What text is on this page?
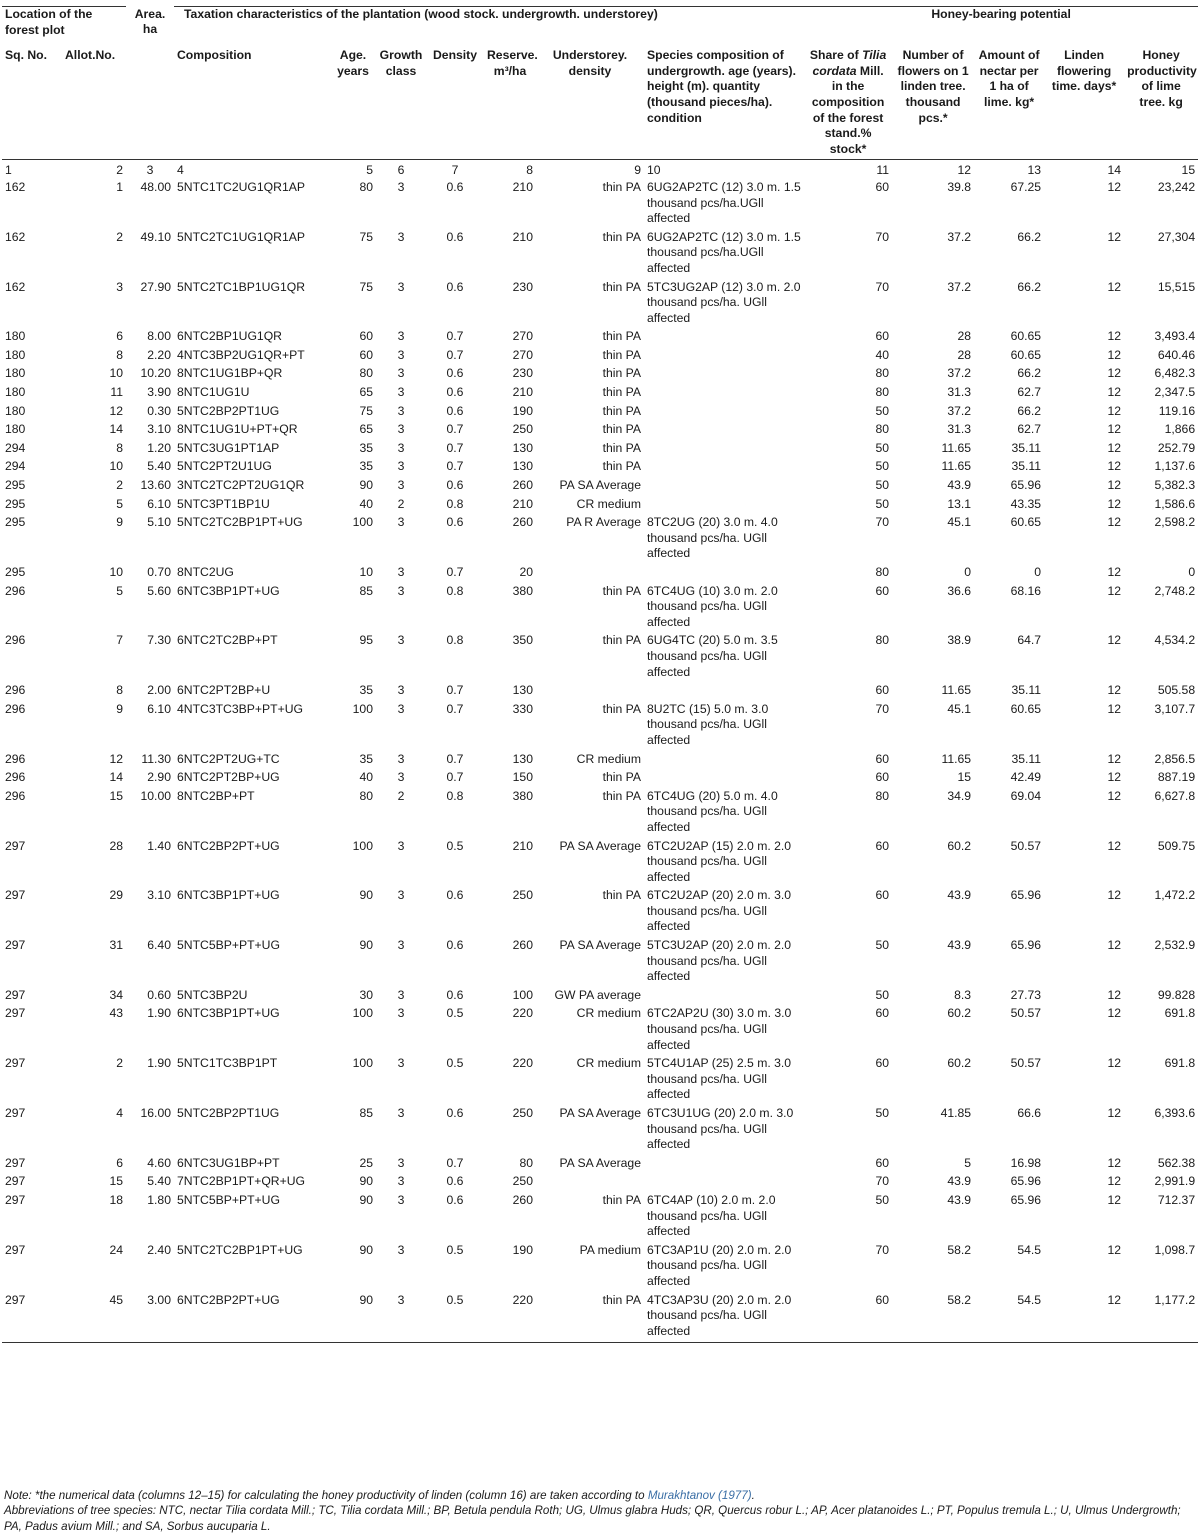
Location of the forest plot		Area. ha	Taxation characteristics of the plantation (wood stock. undergrowth. understorey)							Honey-bearing potential				
Sq. No.	Allot.No.		Composition	Age. years	Growth class	Density	Reserve. m³/ha	Understorey. density	Species composition of undergrowth. age (years). height (m). quantity (thousand pieces/ha). condition	Share of Tilia cordata Mill. in the composition of the forest stand.% stock*	Number of flowers on 1 linden tree. thousand pcs.*	Amount of nectar per 1 ha of lime. kg*	Linden flowering time. days*	Honey productivity of lime tree. kg
1	2	3	4	5	6	7	8	9	10	11	12	13	14	15
162	1	48.00	5NTC1TC2UG1QR1AP	80	3	0.6	210	thin PA	6UG2AP2TC (12) 3.0 m. 1.5 thousand pcs/ha.UGll affected	60	39.8	67.25	12	23,242
162	2	49.10	5NTC2TC1UG1QR1AP	75	3	0.6	210	thin PA	6UG2AP2TC (12) 3.0 m. 1.5 thousand pcs/ha.UGll affected	70	37.2	66.2	12	27,304
162	3	27.90	5NTC2TC1BP1UG1QR	75	3	0.6	230	thin PA	5TC3UG2AP (12) 3.0 m. 2.0 thousand pcs/ha. UGll affected	70	37.2	66.2	12	15,515
180	6	8.00	6NTC2BP1UG1QR	60	3	0.7	270	thin PA		60	28	60.65	12	3,493.4
180	8	2.20	4NTC3BP2UG1QR+PT	60	3	0.7	270	thin PA		40	28	60.65	12	640.46
180	10	10.20	8NTC1UG1BP+QR	80	3	0.6	230	thin PA		80	37.2	66.2	12	6,482.3
180	11	3.90	8NTC1UG1U	65	3	0.6	210	thin PA		80	31.3	62.7	12	2,347.5
180	12	0.30	5NTC2BP2PT1UG	75	3	0.6	190	thin PA		50	37.2	66.2	12	119.16
180	14	3.10	8NTC1UG1U+PT+QR	65	3	0.7	250	thin PA		80	31.3	62.7	12	1,866
294	8	1.20	5NTC3UG1PT1AP	35	3	0.7	130	thin PA		50	11.65	35.11	12	252.79
294	10	5.40	5NTC2PT2U1UG	35	3	0.7	130	thin PA		50	11.65	35.11	12	1,137.6
295	2	13.60	3NTC2TC2PT2UG1QR	90	3	0.6	260	PA SA Average		50	43.9	65.96	12	5,382.3
295	5	6.10	5NTC3PT1BP1U	40	2	0.8	210	CR medium		50	13.1	43.35	12	1,586.6
295	9	5.10	5NTC2TC2BP1PT+UG	100	3	0.6	260	PA R Average	8TC2UG (20) 3.0 m. 4.0 thousand pcs/ha. UGll affected	70	45.1	60.65	12	2,598.2
295	10	0.70	8NTC2UG	10	3	0.7	20			80	0	0	12	0
296	5	5.60	6NTC3BP1PT+UG	85	3	0.8	380	thin PA	6TC4UG (10) 3.0 m. 2.0 thousand pcs/ha. UGll affected	60	36.6	68.16	12	2,748.2
296	7	7.30	6NTC2TC2BP+PT	95	3	0.8	350	thin PA	6UG4TC (20) 5.0 m. 3.5 thousand pcs/ha. UGll affected	80	38.9	64.7	12	4,534.2
296	8	2.00	6NTC2PT2BP+U	35	3	0.7	130			60	11.65	35.11	12	505.58
296	9	6.10	4NTC3TC3BP+PT+UG	100	3	0.7	330	thin PA	8U2TC (15) 5.0 m. 3.0 thousand pcs/ha. UGll affected	70	45.1	60.65	12	3,107.7
296	12	11.30	6NTC2PT2UG+TC	35	3	0.7	130	CR medium		60	11.65	35.11	12	2,856.5
296	14	2.90	6NTC2PT2BP+UG	40	3	0.7	150	thin PA		60	15	42.49	12	887.19
296	15	10.00	8NTC2BP+PT	80	2	0.8	380	thin PA	6TC4UG (20) 5.0 m. 4.0 thousand pcs/ha. UGll affected	80	34.9	69.04	12	6,627.8
297	28	1.40	6NTC2BP2PT+UG	100	3	0.5	210	PA SA Average	6TC2U2AP (15) 2.0 m. 2.0 thousand pcs/ha. UGll affected	60	60.2	50.57	12	509.75
297	29	3.10	6NTC3BP1PT+UG	90	3	0.6	250	thin PA	6TC2U2AP (20) 2.0 m. 3.0 thousand pcs/ha. UGll affected	60	43.9	65.96	12	1,472.2
297	31	6.40	5NTC5BP+PT+UG	90	3	0.6	260	PA SA Average	5TC3U2AP (20) 2.0 m. 2.0 thousand pcs/ha. UGll affected	50	43.9	65.96	12	2,532.9
297	34	0.60	5NTC3BP2U	30	3	0.6	100	GW PA average		50	8.3	27.73	12	99.828
297	43	1.90	6NTC3BP1PT+UG	100	3	0.5	220	CR medium	6TC2AP2U (30) 3.0 m. 3.0 thousand pcs/ha. UGll affected	60	60.2	50.57	12	691.8
297	2	1.90	5NTC1TC3BP1PT	100	3	0.5	220	CR medium	5TC4U1AP (25) 2.5 m. 3.0 thousand pcs/ha. UGll affected	60	60.2	50.57	12	691.8
297	4	16.00	5NTC2BP2PT1UG	85	3	0.6	250	PA SA Average	6TC3U1UG (20) 2.0 m. 3.0 thousand pcs/ha. UGll affected	50	41.85	66.6	12	6,393.6
297	6	4.60	6NTC3UG1BP+PT	25	3	0.7	80	PA SA Average		60	5	16.98	12	562.38
297	15	5.40	7NTC2BP1PT+QR+UG	90	3	0.6	250			70	43.9	65.96	12	2,991.9
297	18	1.80	5NTC5BP+PT+UG	90	3	0.6	260	thin PA	6TC4AP (10) 2.0 m. 2.0 thousand pcs/ha. UGll affected	50	43.9	65.96	12	712.37
297	24	2.40	5NTC2TC2BP1PT+UG	90	3	0.5	190	PA medium	6TC3AP1U (20) 2.0 m. 2.0 thousand pcs/ha. UGll affected	70	58.2	54.5	12	1,098.7
297	45	3.00	6NTC2BP2PT+UG	90	3	0.5	220	thin PA	4TC3AP3U (20) 2.0 m. 2.0 thousand pcs/ha. UGll affected	60	58.2	54.5	12	1,177.2

Note: *the numerical data (columns 12–15) for calculating the honey productivity of linden (column 16) are taken according to Murakhtanov (1977).

Abbreviations of tree species: NTC, nectar Tilia cordata Mill.; TC, Tilia cordata Mill.; BP, Betula pendula Roth; UG, Ulmus glabra Huds; QR, Quercus robur L.; AP, Acer platanoides L.; PT, Populus tremula L.; U, Ulmus Undergrowth; PA, Padus avium Mill.; and SA, Sorbus aucuparia L.
